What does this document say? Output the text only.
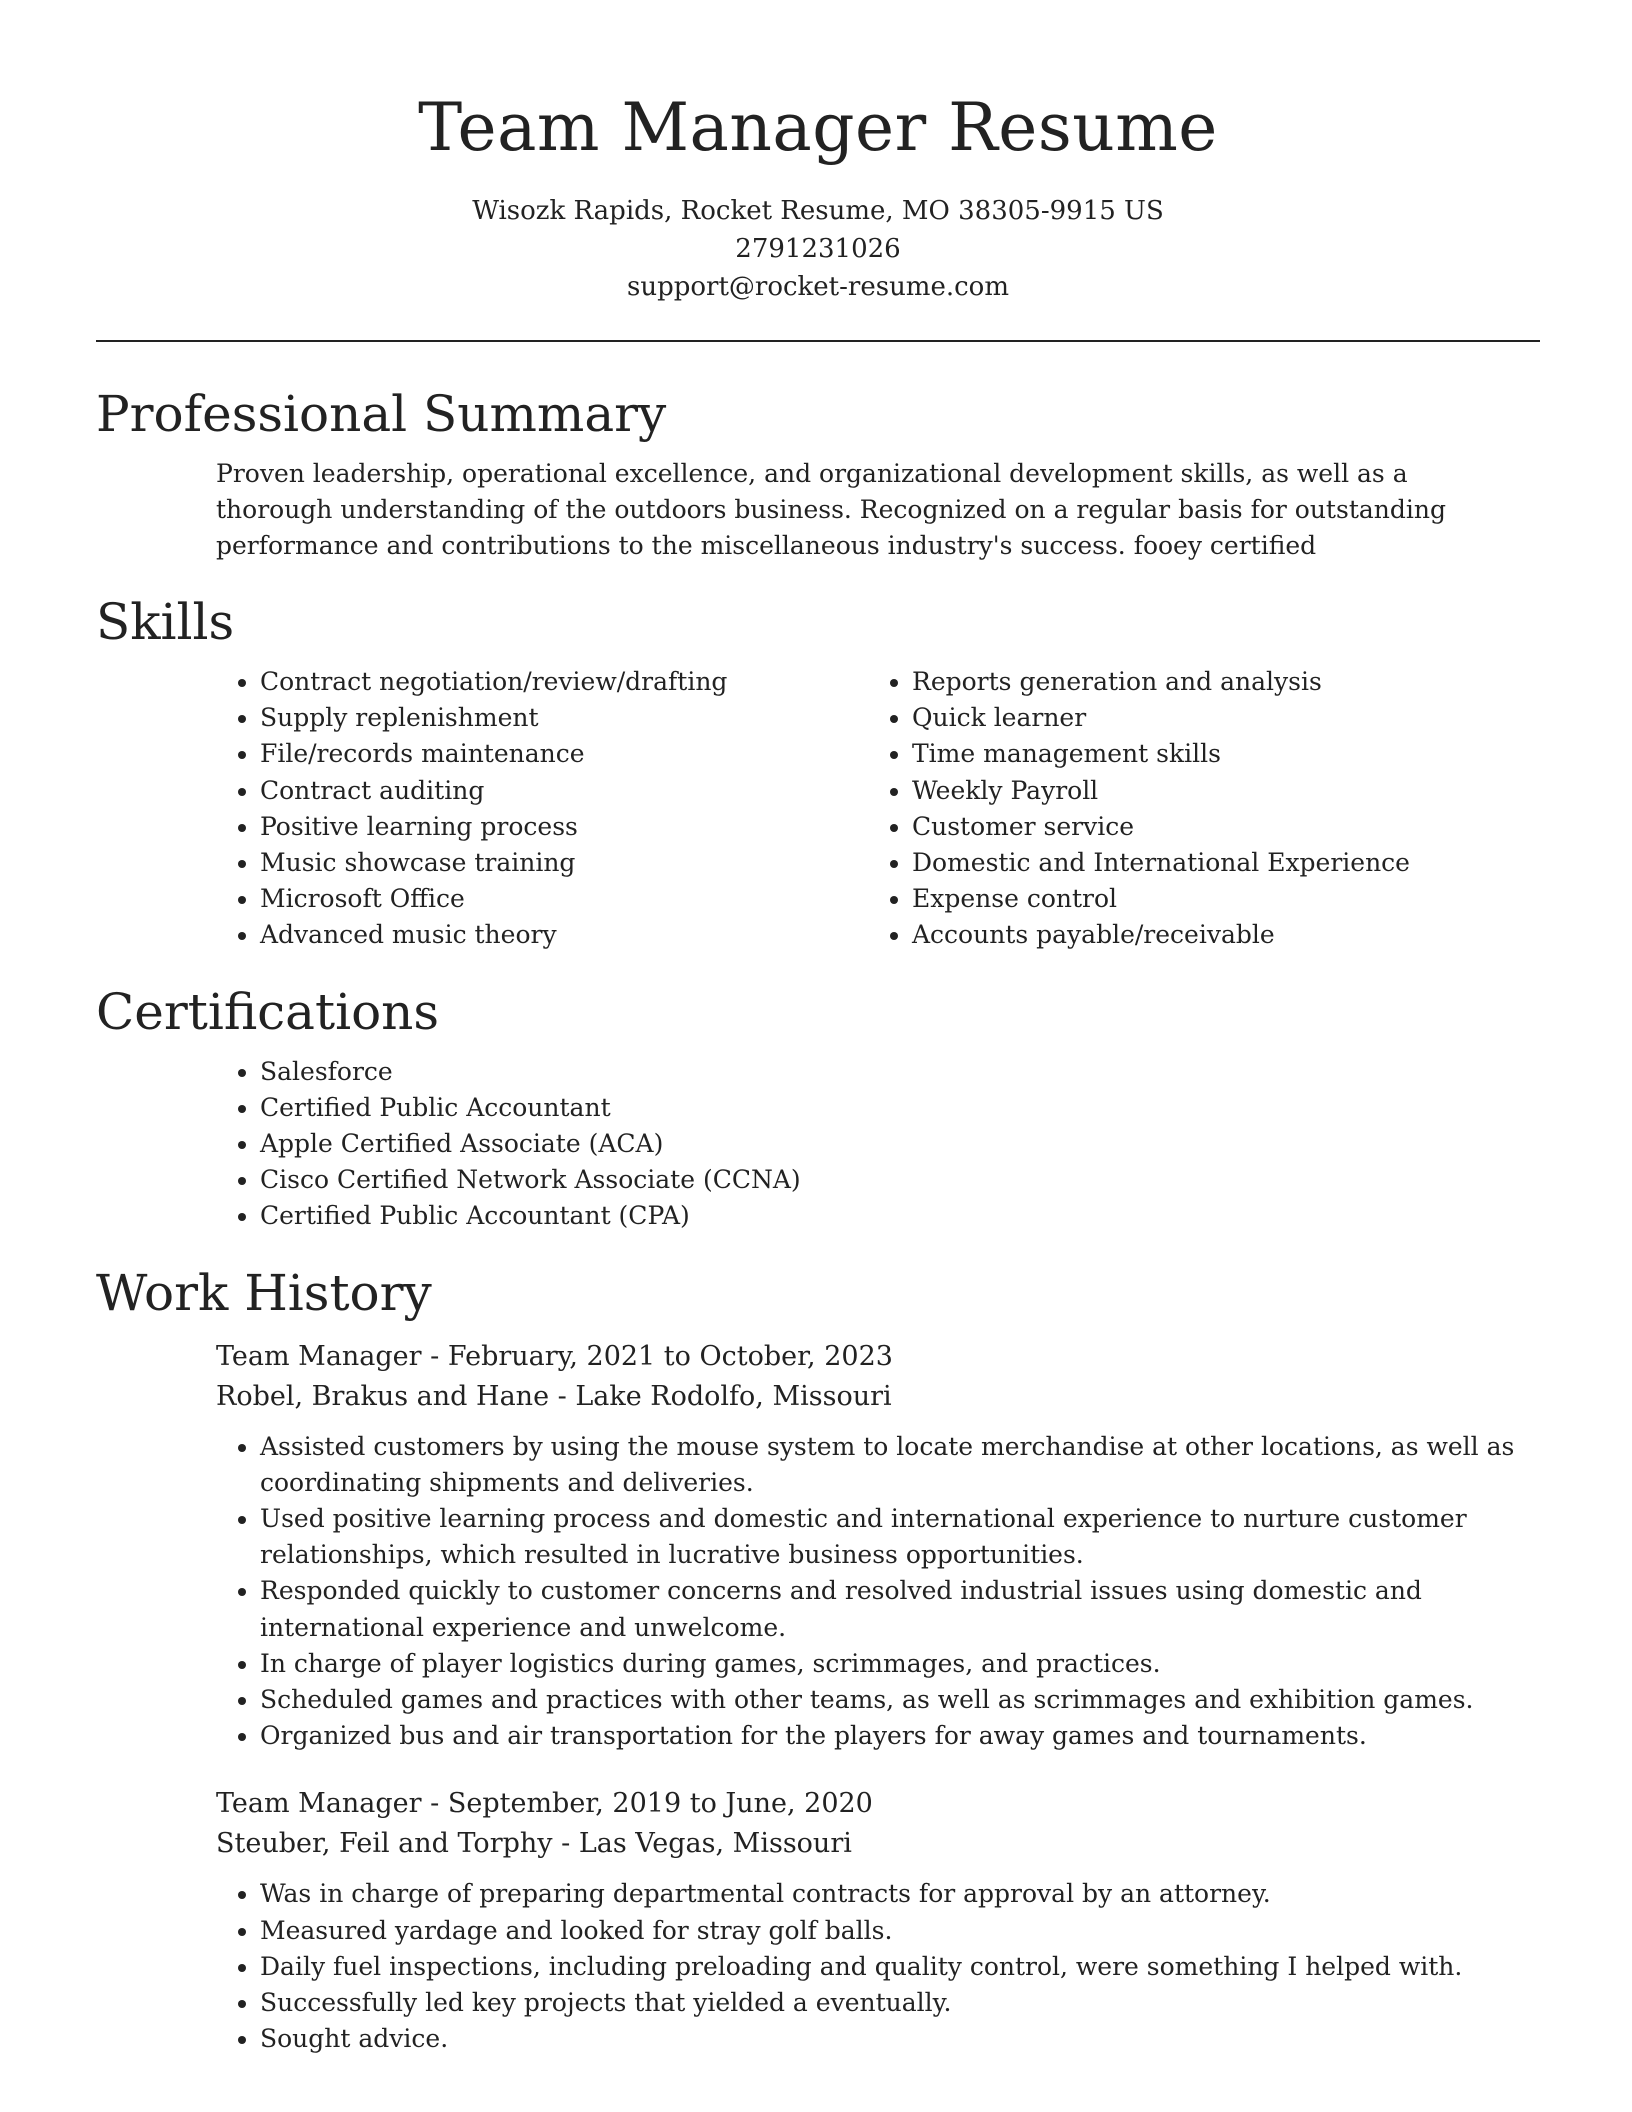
Team Manager Resume

Wisozk Rapids, Rocket Resume, MO 38305-9915 US

2791231026

support@rocket-resume.com

Professional Summary

Proven leadership, operational excellence, and organizational development skills, as well as a thorough understanding of the outdoors business. Recognized on a regular basis for outstanding performance and contributions to the miscellaneous industry's success. fooey certified

Skills
• Contract negotiation/review/drafting
• Supply replenishment
• File/records maintenance
• Contract auditing
• Positive learning process
• Music showcase training
• Microsoft Office
• Advanced music theory
• Reports generation and analysis
• Quick learner
• Time management skills
• Weekly Payroll
• Customer service
• Domestic and International Experience
• Expense control
• Accounts payable/receivable
Certifications
• Salesforce
• Certified Public Accountant
• Apple Certified Associate (ACA)
• Cisco Certified Network Associate (CCNA)
• Certified Public Accountant (CPA)
Work History

Team Manager - February, 2021 to October, 2023

Robel, Brakus and Hane - Lake Rodolfo, Missouri

• Assisted customers by using the mouse system to locate merchandise at other locations, as well as coordinating shipments and deliveries.
• Used positive learning process and domestic and international experience to nurture customer relationships, which resulted in lucrative business opportunities.
• Responded quickly to customer concerns and resolved industrial issues using domestic and international experience and unwelcome.
• In charge of player logistics during games, scrimmages, and practices.
• Scheduled games and practices with other teams, as well as scrimmages and exhibition games.
• Organized bus and air transportation for the players for away games and tournaments.

Team Manager - September, 2019 to June, 2020

Steuber, Feil and Torphy - Las Vegas, Missouri

• Was in charge of preparing departmental contracts for approval by an attorney.
• Measured yardage and looked for stray golf balls.
• Daily fuel inspections, including preloading and quality control, were something I helped with.
• Successfully led key projects that yielded a eventually.
• Sought advice.
